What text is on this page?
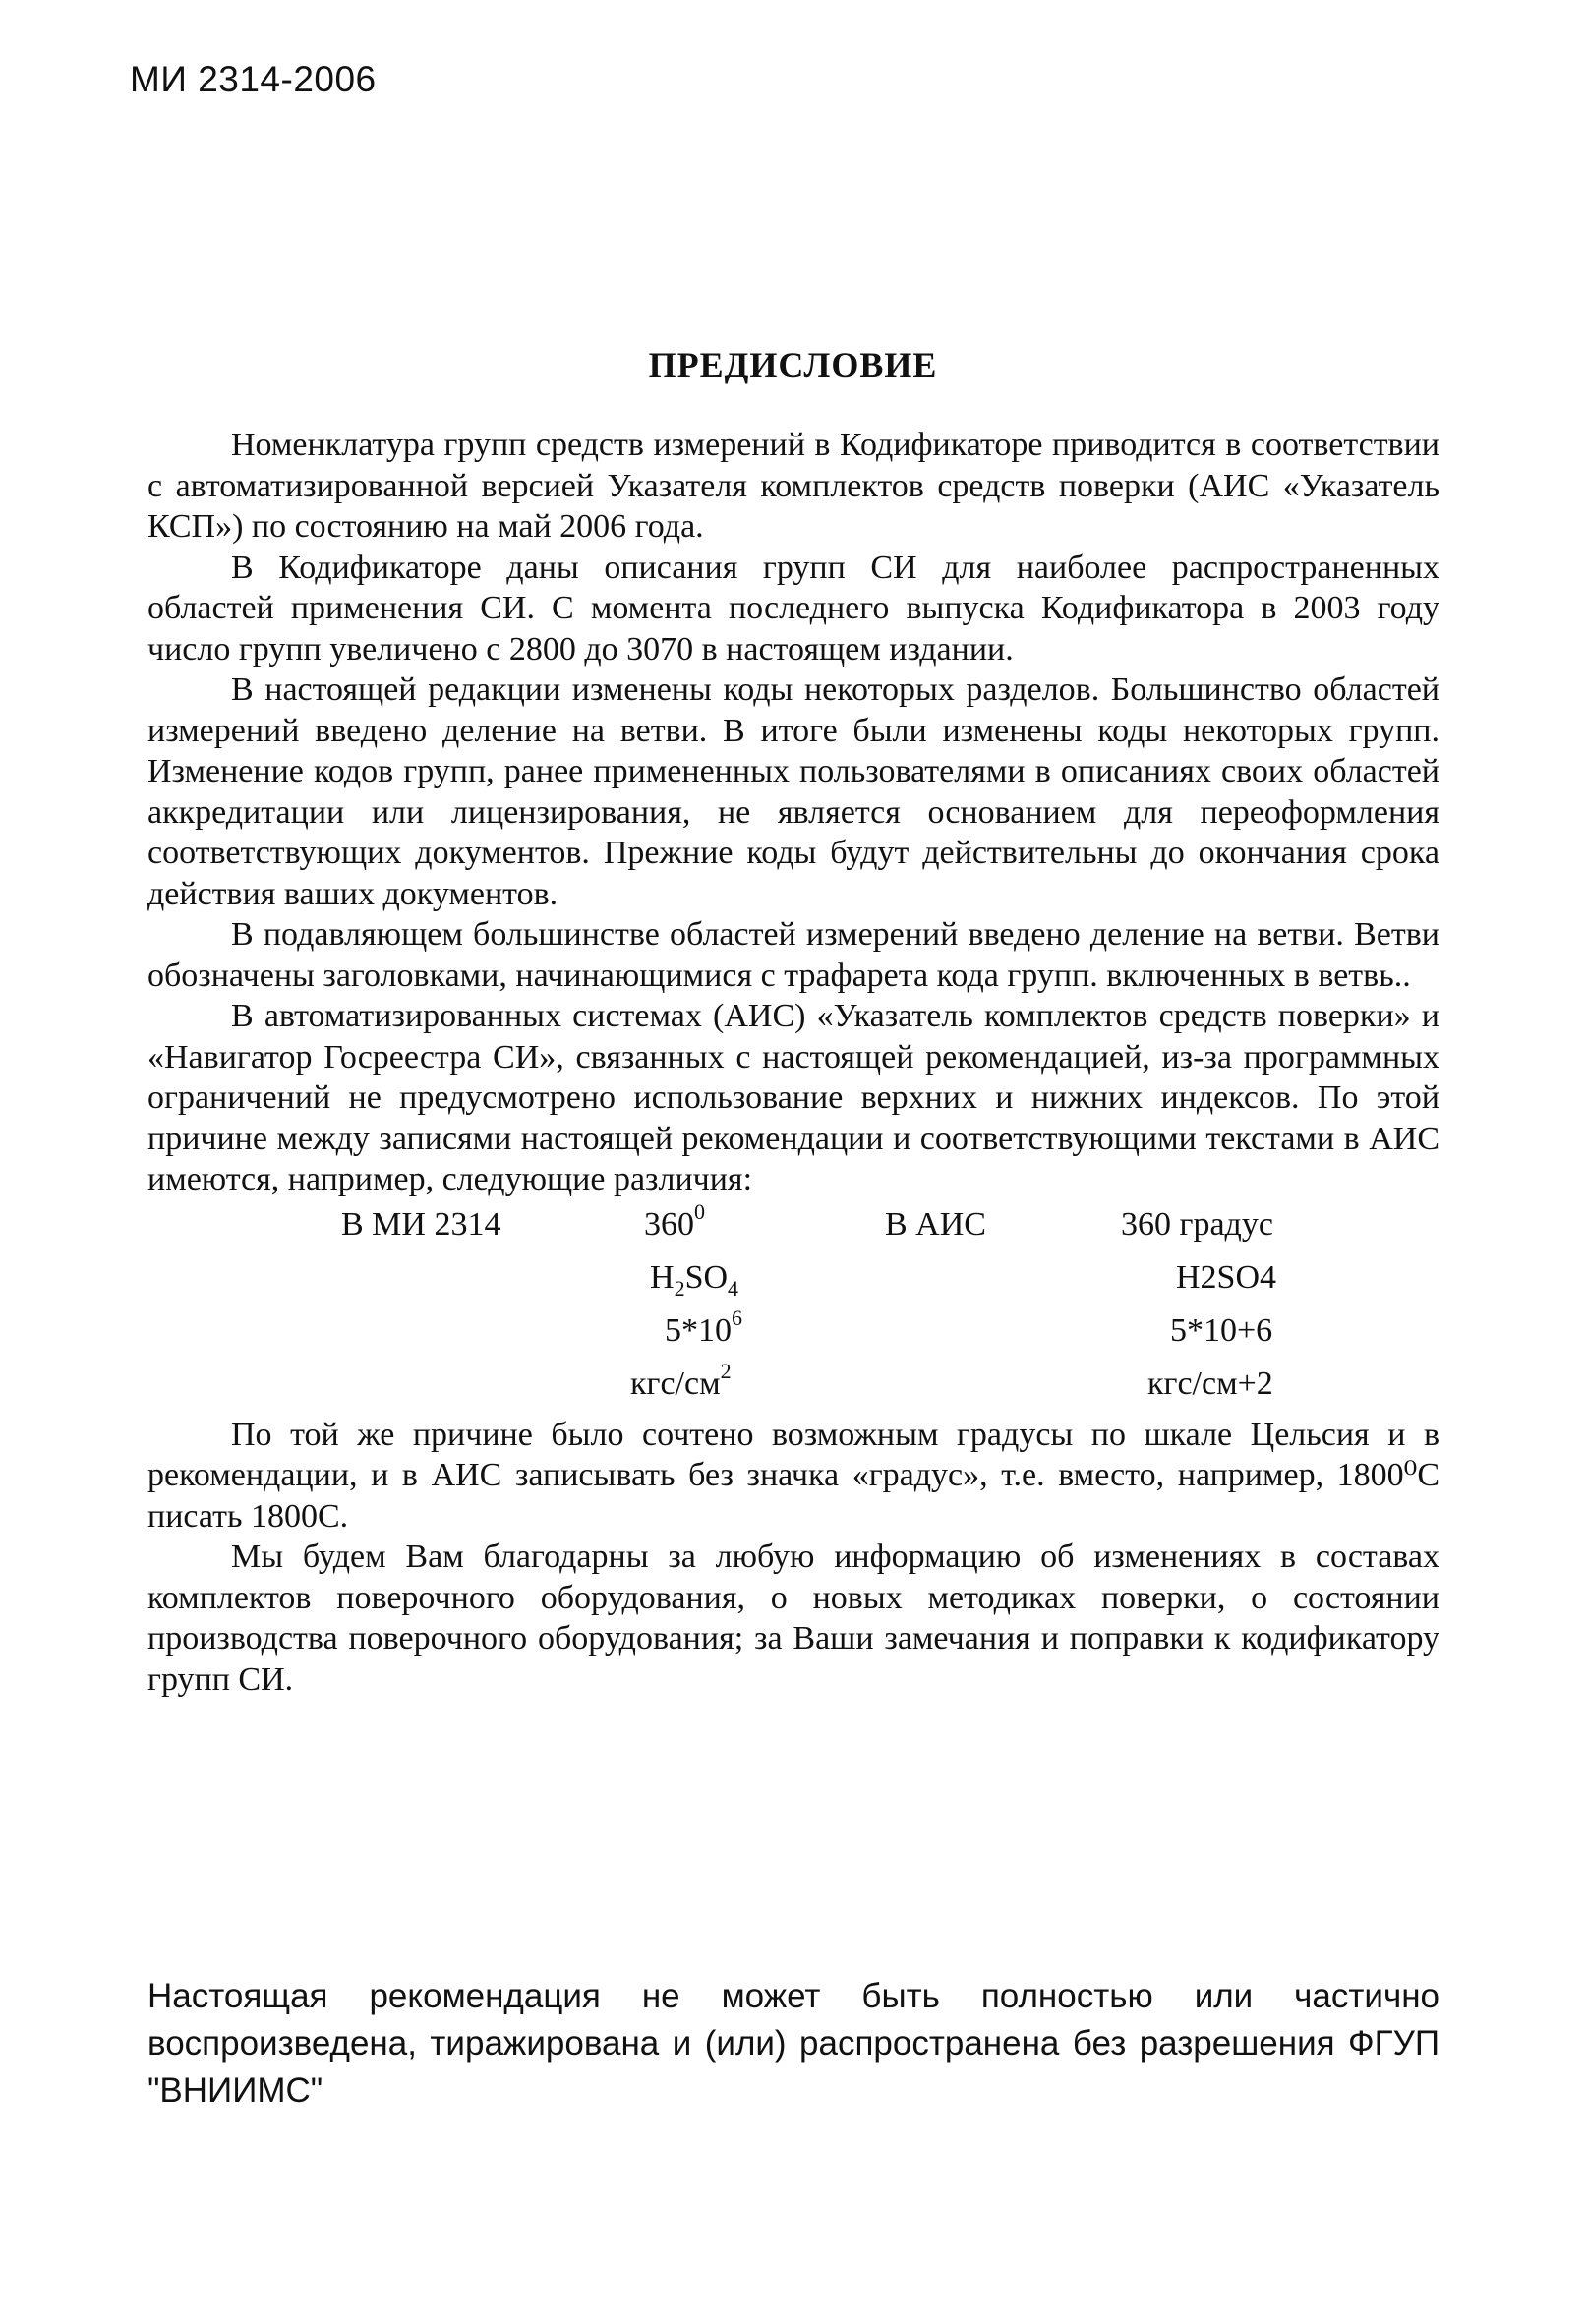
МИ 2314-2006
ПРЕДИСЛОВИЕ

Номенклатура групп средств измерений в Кодификаторе приводится в соответствии с автоматизированной версией Указателя комплектов средств поверки (АИС «Указатель КСП») по состоянию на май 2006 года.

В Кодификаторе даны описания групп СИ для наиболее распространенных областей применения СИ. С момента последнего выпуска Кодификатора в 2003 году число групп увеличено с 2800 до 3070 в настоящем издании.

В настоящей редакции изменены коды некоторых разделов. Большинство областей измерений введено деление на ветви. В итоге были изменены коды некоторых групп. Изменение кодов групп, ранее примененных пользователями в описаниях своих областей аккредитации или лицензирования, не является основанием для переоформления соответствующих документов. Прежние коды будут действительны до окончания срока действия ваших документов.

В подавляющем большинстве областей измерений введено деление на ветви. Ветви обозначены заголовками, начинающимися с трафарета кода групп. включенных в ветвь..

В автоматизированных системах (АИС) «Указатель комплектов средств поверки» и «Навигатор Госреестра СИ», связанных с настоящей рекомендацией, из-за программных ограничений не предусмотрено использование верхних и нижних индексов. По этой причине между записями настоящей рекомендации и соответствующими текстами в АИС имеются, например, следующие различия:

В МИ 2314	$360^0$	В АИС	360 градус
$H_2SO_4$	H2SO4
$5*10^6$	5*10+6
кгс/$см^2$	кгс/см+2

По той же причине было сочтено возможным градусы по шкале Цельсия и в рекомендации, и в АИС записывать без значка «градус», т.е. вместо, например, 1800⁰С писать 1800С.

Мы будем Вам благодарны за любую информацию об изменениях в составах комплектов поверочного оборудования, о новых методиках поверки, о состоянии производства поверочного оборудования; за Ваши замечания и поправки к кодификатору групп СИ.

Настоящая рекомендация не может быть полностью или частично воспроизведена, тиражирована и (или) распространена без разрешения ФГУП "ВНИИМС"
